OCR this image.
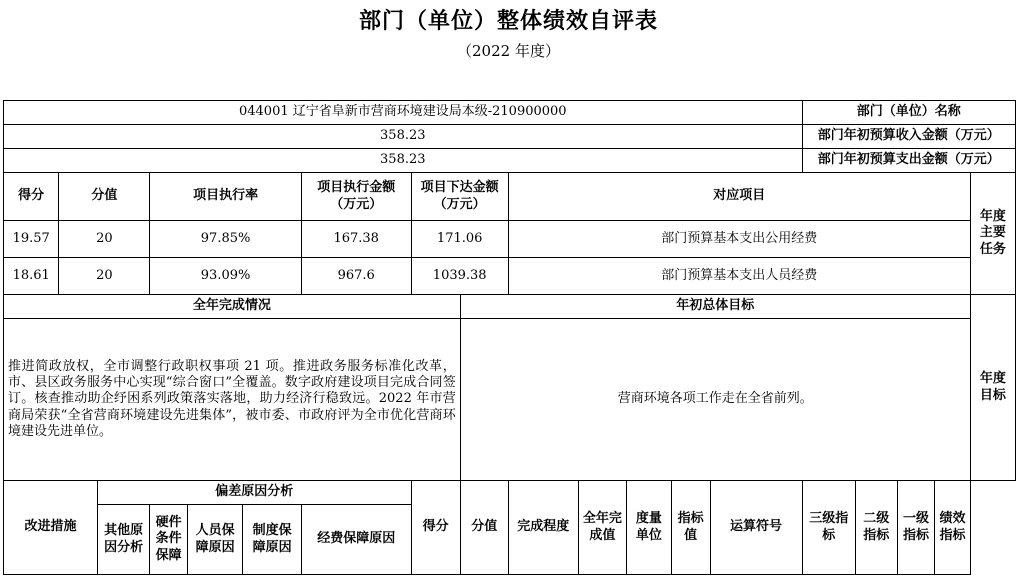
部门（单位）整体绩效自评表
（2022 年度）
044001 辽宁省阜新市营商环境建设局本级-210900000														部门（单位）名称				
358.23														部门年初预算收入金额（万元）				
358.23														部门年初预算支出金额（万元）				
得分	分值		项目执行率			项目执行金额（万元）	项目下达金额（万元）		对应项目									年度主要任务
19.57	20		97.85%			167.38	171.06		部门预算基本支出公用经费									
18.61	20		93.09%			967.6	1039.38		部门预算基本支出人员经费									
全年完成情况								年初总体目标										年度目标
推进简政放权，全市调整行政职权事项 21 项。推进政务服务标准化改革，市、县区政务服务中心实现“综合窗口”全覆盖。数字政府建设项目完成合同签订。核查推动助企纾困系列政策落实落地，助力经济行稳致远。2022 年市营商局荣获“全省营商环境建设先进集体”，被市委、市政府评为全市优化营商环境建设先进单位。								营商环境各项工作走在全省前列。										
改进措施		偏差原因分析					得分	分值	完成程度	全年完成值	度量单位	指标值	运算符号	三级指标	二级指标	一级指标	绩效指标	
		其他原因分析	硬件条件保障	人员保障原因	制度保障原因	经费保障原因												
